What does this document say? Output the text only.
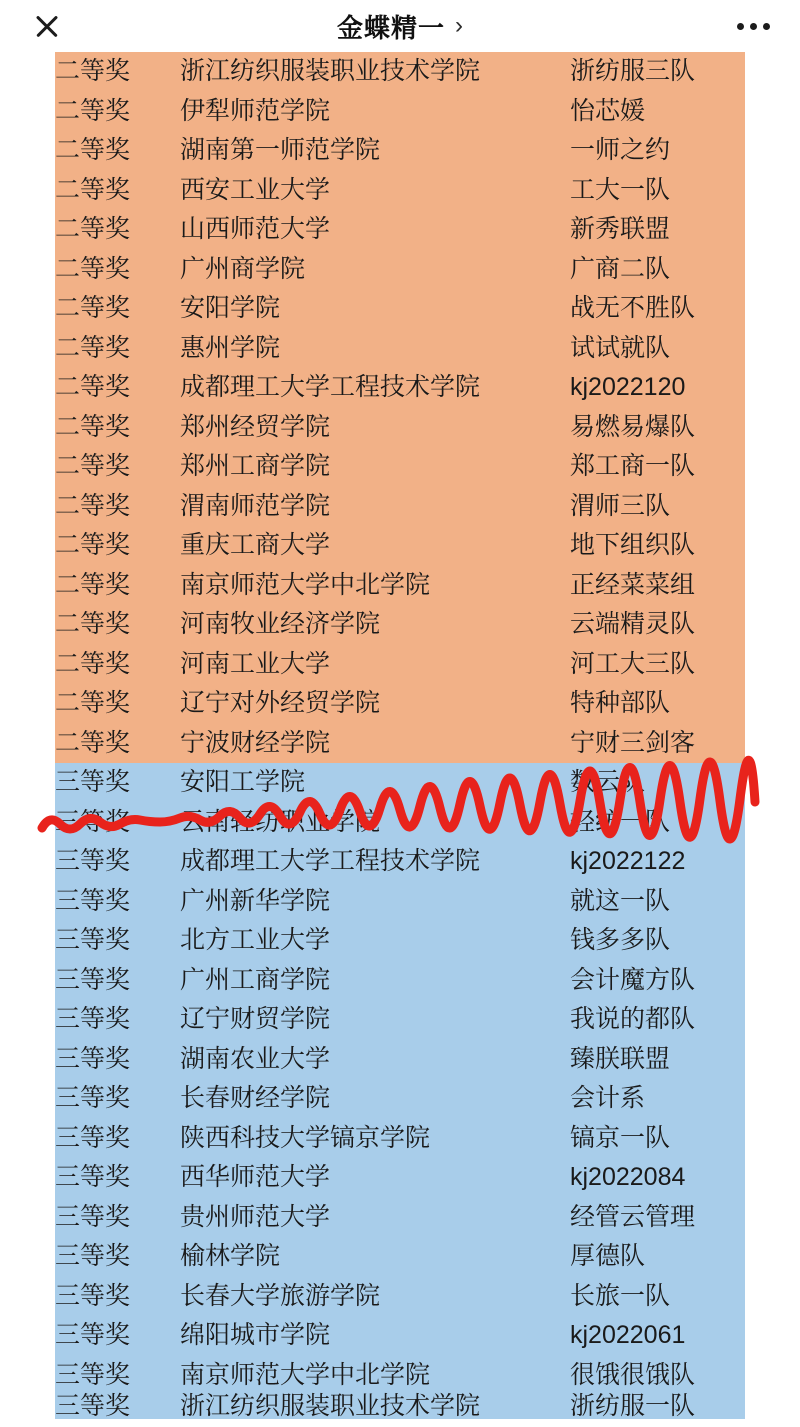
金蝶精一 ›
二等奖	浙江纺织服装职业技术学院	浙纺服三队
二等奖	伊犁师范学院	怡芯媛
二等奖	湖南第一师范学院	一师之约
二等奖	西安工业大学	工大一队
二等奖	山西师范大学	新秀联盟
二等奖	广州商学院	广商二队
二等奖	安阳学院	战无不胜队
二等奖	惠州学院	试试就队
二等奖	成都理工大学工程技术学院	kj2022120
二等奖	郑州经贸学院	易燃易爆队
二等奖	郑州工商学院	郑工商一队
二等奖	渭南师范学院	渭师三队
二等奖	重庆工商大学	地下组织队
二等奖	南京师范大学中北学院	正经菜菜组
二等奖	河南牧业经济学院	云端精灵队
二等奖	河南工业大学	河工大三队
二等奖	辽宁对外经贸学院	特种部队
二等奖	宁波财经学院	宁财三剑客
三等奖	安阳工学院	数云队
三等奖	云南轻纺职业学院	轻纺一队
三等奖	成都理工大学工程技术学院	kj2022122
三等奖	广州新华学院	就这一队
三等奖	北方工业大学	钱多多队
三等奖	广州工商学院	会计魔方队
三等奖	辽宁财贸学院	我说的都队
三等奖	湖南农业大学	臻朕联盟
三等奖	长春财经学院	会计系
三等奖	陕西科技大学镐京学院	镐京一队
三等奖	西华师范大学	kj2022084
三等奖	贵州师范大学	经管云管理
三等奖	榆林学院	厚德队
三等奖	长春大学旅游学院	长旅一队
三等奖	绵阳城市学院	kj2022061
三等奖	南京师范大学中北学院	很饿很饿队
三等奖	浙江纺织服装职业技术学院	浙纺服一队
